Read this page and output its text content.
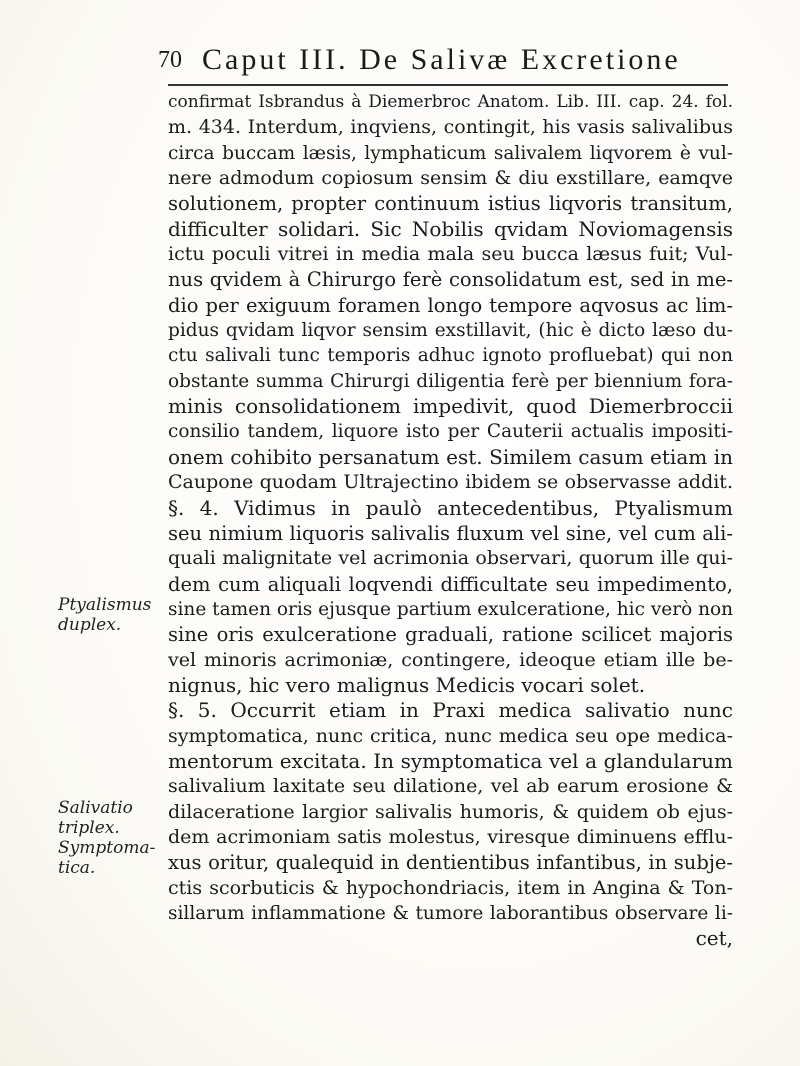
70 Caput III. De Salivæ Excretione
Ptyalismus
duplex.
Salivatio
triplex.
Symptoma-
tica.
confirmat Isbrandus à Diemerbroc Anatom. Lib. III. cap. 24. fol.
m. 434. Interdum, inqviens, contingit, his vasis salivalibus
circa buccam læsis, lymphaticum salivalem liqvorem è vul-
nere admodum copiosum sensim & diu exstillare, eamqve
solutionem, propter continuum istius liqvoris transitum,
difficulter solidari. Sic Nobilis qvidam Noviomagensis
ictu poculi vitrei in media mala seu bucca læsus fuit; Vul-
nus qvidem à Chirurgo ferè consolidatum est, sed in me-
dio per exiguum foramen longo tempore aqvosus ac lim-
pidus qvidam liqvor sensim exstillavit, (hic è dicto læso du-
ctu salivali tunc temporis adhuc ignoto profluebat) qui non
obstante summa Chirurgi diligentia ferè per biennium fora-
minis consolidationem impedivit, quod Diemerbroccii
consilio tandem, liquore isto per Cauterii actualis impositi-
onem cohibito persanatum est. Similem casum etiam in
Caupone quodam Ultrajectino ibidem se observasse addit.
§. 4. Vidimus in paulò antecedentibus, Ptyalismum
seu nimium liquoris salivalis fluxum vel sine, vel cum ali-
quali malignitate vel acrimonia observari, quorum ille qui-
dem cum aliquali loqvendi difficultate seu impedimento,
sine tamen oris ejusque partium exulceratione, hic verò non
sine oris exulceratione graduali, ratione scilicet majoris
vel minoris acrimoniæ, contingere, ideoque etiam ille be-
nignus, hic vero malignus Medicis vocari solet.
§. 5. Occurrit etiam in Praxi medica salivatio nunc
symptomatica, nunc critica, nunc medica seu ope medica-
mentorum excitata. In symptomatica vel a glandularum
salivalium laxitate seu dilatione, vel ab earum erosione &
dilaceratione largior salivalis humoris, & quidem ob ejus-
dem acrimoniam satis molestus, viresque diminuens efflu-
xus oritur, qualequid in dentientibus infantibus, in subje-
ctis scorbuticis & hypochondriacis, item in Angina & Ton-
sillarum inflammatione & tumore laborantibus observare li-
cet,
